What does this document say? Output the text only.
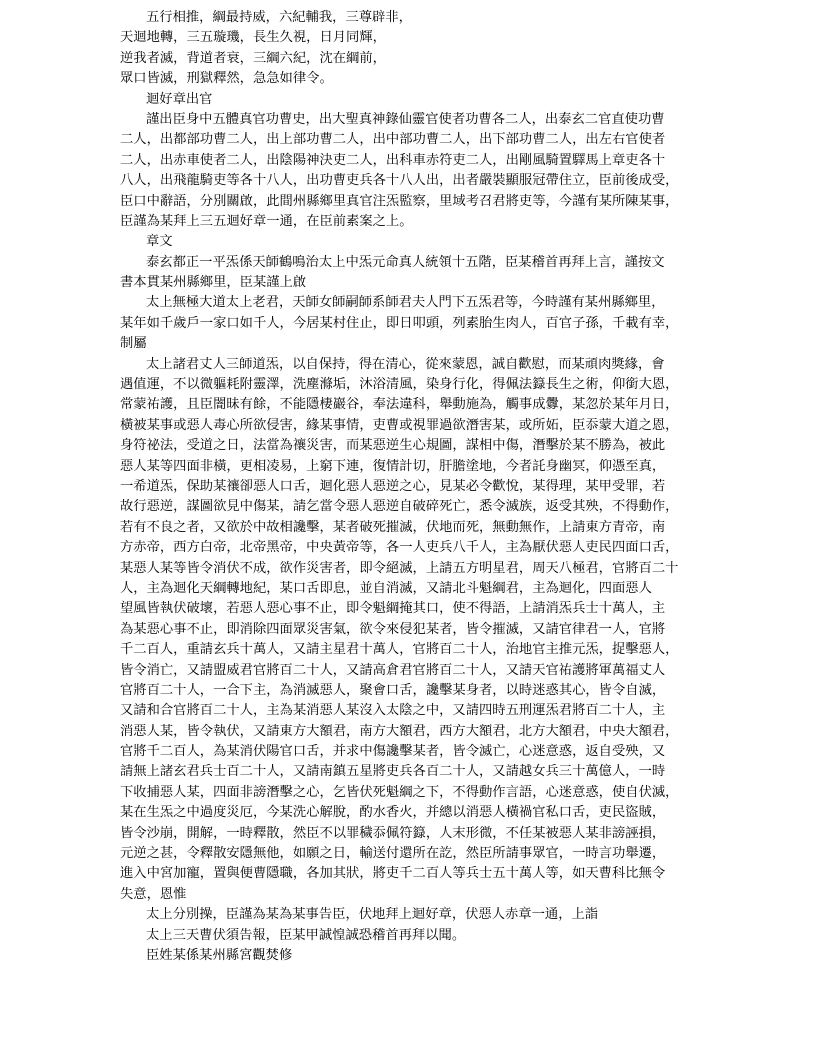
五行相推，綱最持威，六紀輔我，三尊辟非，
天迴地轉，三五璇璣，長生久視，日月同輝，
逆我者滅，背道者衰，三綱六紀，沈在綱前，
眾口皆滅，刑獄釋然，急急如律令。
迴好章出官
謹出臣身中五體真官功曹史，出大聖真神錄仙靈官使者功曹各二人，出泰玄二官直使功曹
二人，出都部功曹二人，出上部功曹二人，出中部功曹二人，出下部功曹二人，出左右官使者
二人，出赤車使者二人，出陰陽神決吏二人，出科車赤符吏二人，出剛風騎置驛馬上章吏各十
八人，出飛龍騎吏等各十八人，出功曹吏兵各十八人出，出者嚴裝顯服冠帶住立，臣前後成受，
臣口中辭語，分別關啟，此間州縣鄉里真官注炁監察，里域考召君將吏等，今謹有某所陳某事，
臣謹為某拜上三五迴好章一通，在臣前素案之上。
章文
泰玄都正一平炁係天師鶴鳴治太上中炁元命真人統領十五階，臣某稽首再拜上言，謹按文
書本貫某州縣鄉里，臣某謹上啟
太上無極大道太上老君，天師女師嗣師系師君夫人門下五炁君等，今時謹有某州縣鄉里，
某年如千歲戶一家口如千人，今居某村住止，即日叩頭，列素胎生肉人，百官子孫，千載有幸，
制屬
太上諸君丈人三師道炁，以自保持，得在清心，從來蒙恩，誠自歡慰，而某頑肉獎緣，會
遇值運，不以微軀耗附靈澤，洗塵滌垢，沐浴清風，染身行化，得佩法籙長生之術，仰銜大恩，
常蒙祐護，且臣闇昧有餘，不能隱棲巖谷，奉法違科，舉動施為，觸事成釁，某忽於某年月日，
橫被某事或惡人毒心所欲侵害，緣某事情，吏曹或視罪過欲潛害某，或所妬，臣忝蒙大道之恩，
身符祕法，受道之日，法當為禳災害，而某惡逆生心規圖，謀相中傷，潛擊於某不勝為，被此
惡人某等四面非橫，更相凌易，上窮下連，復情計切，肝膽塗地，今者託身幽冥，仰憑至真，
一希道炁，保助某禳卻惡人口舌，迴化惡人惡逆之心，見某必令歡悅，某得理，某甲受罪，若
故行惡逆，謀圖欲見中傷某，請乞當令惡人惡逆自破碎死亡，悉令滅族，返受其殃，不得動作，
若有不良之者，又欲於中故相讒擊，某者破死摧滅，伏地而死，無動無作，上請東方青帝，南
方赤帝，西方白帝，北帝黑帝，中央黃帝等，各一人吏兵八千人，主為厭伏惡人吏民四面口舌，
某惡人某等皆令消伏不成，欲作災害者，即令絕滅，上請五方明星君，周天八極君，官將百二十
人，主為迴化天綱轉地紀，某口舌即息，並自消滅，又請北斗魁綱君，主為迴化，四面惡人
望風皆執伏破壞，若惡人惡心事不止，即令魁綱掩其口，使不得語，上請消炁兵士十萬人，主
為某惡心事不止，即消除四面眾災害氣，欲令來侵犯某者，皆令摧滅，又請官律君一人，官將
千二百人，重請玄兵十萬人，又請主星君十萬人，官將百二十人，治地官主推元炁，捉擊惡人，
皆令消亡，又請盟威君官將百二十人，又請高倉君官將百二十人，又請天官祐護將軍萬福丈人
官將百二十人，一合下主，為消滅惡人，聚會口舌，讒擊某身者，以時迷惑其心，皆令自滅，
又請和合官將百二十人，主為某消惡人某沒入太陰之中，又請四時五刑運炁君將百二十人，主
消惡人某，皆令執伏，又請東方大額君，南方大額君，西方大額君，北方大額君，中央大額君，
官將千二百人，為某消伏陽官口舌，并求中傷讒擊某者，皆令滅亡，心迷意惑，返自受殃，又
請無上諸玄君兵士百二十人，又請南鎮五星將吏兵各百二十人，又請越女兵三十萬億人，一時
下收捕惡人某，四面非謗潛擊之心，乞皆伏死魁綱之下，不得動作言語，心迷意惑，使自伏滅，
某在生炁之中過度災厄，今某洗心解脫，酌水香火，并總以消惡人橫禍官私口舌，吏民盜賊，
皆令沙崩，開解，一時釋散，然臣不以罪穢忝佩符籙，人末形微，不任某被惡人某非謗誣損，
元逆之甚，令釋散安隱無他，如願之日，輸送付還所在訖，然臣所請事眾官，一時言功舉遷，
進入中宮加寵，置與便曹隱職，各加其狀，將吏千二百人等兵士五十萬人等，如天曹科比無令
失意，恩惟
太上分別操，臣謹為某為某事告臣，伏地拜上迴好章，伏惡人赤章一通，上詣
太上三天曹伏須告報，臣某甲誠惶誠恐稽首再拜以聞。
臣姓某係某州縣宮觀焚修
